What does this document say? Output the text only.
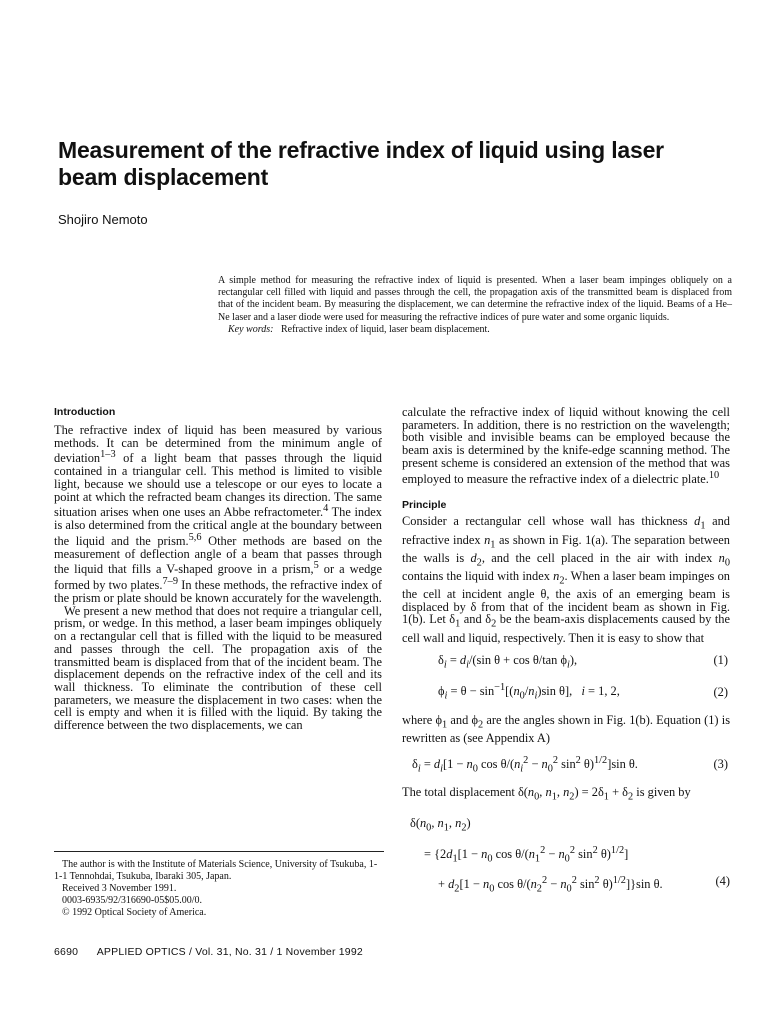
Measurement of the refractive index of liquid using laser beam displacement
Shojiro Nemoto

A simple method for measuring the refractive index of liquid is presented. When a laser beam impinges obliquely on a rectangular cell filled with liquid and passes through the cell, the propagation axis of the transmitted beam is displaced from that of the incident beam. By measuring the displacement, we can determine the refractive index of the liquid. Beams of a He–Ne laser and a laser diode were used for measuring the refractive indices of pure water and some organic liquids.

Key words: Refractive index of liquid, laser beam displacement.

Introduction

The refractive index of liquid has been measured by various methods. It can be determined from the minimum angle of deviation$^{1-3}$ of a light beam that passes through the liquid contained in a triangular cell. This method is limited to visible light, because we should use a telescope or our eyes to locate a point at which the refracted beam changes its direction. The same situation arises when one uses an Abbe refractometer.$^4$ The index is also determined from the critical angle at the boundary between the liquid and the prism.$^{5,6}$ Other methods are based on the measurement of deflection angle of a beam that passes through the liquid that fills a V-shaped groove in a prism,$^5$ or a wedge formed by two plates.$^{7-9}$ In these methods, the refractive index of the prism or plate should be known accurately for the wavelength.

We present a new method that does not require a triangular cell, prism, or wedge. In this method, a laser beam impinges obliquely on a rectangular cell that is filled with the liquid to be measured and passes through the cell. The propagation axis of the transmitted beam is displaced from that of the incident beam. The displacement depends on the refractive index of the cell and its wall thickness. To eliminate the contribution of these cell parameters, we measure the displacement in two cases: when the cell is empty and when it is filled with the liquid. By taking the difference between the two displacements, we can

calculate the refractive index of liquid without knowing the cell parameters. In addition, there is no restriction on the wavelength; both visible and invisible beams can be employed because the beam axis is determined by the knife-edge scanning method. The present scheme is considered an extension of the method that was employed to measure the refractive index of a dielectric plate.$^{10}$

Principle

Consider a rectangular cell whose wall has thickness $d_1$ and refractive index $n_1$ as shown in Fig. 1(a). The separation between the walls is $d_2$, and the cell placed in the air with index $n_0$ contains the liquid with index $n_2$. When a laser beam impinges on the cell at incident angle θ, the axis of an emerging beam is displaced by δ from that of the incident beam as shown in Fig. 1(b). Let $\delta_1$ and $\delta_2$ be the beam-axis displacements caused by the cell wall and liquid, respectively. Then it is easy to show that

$\delta_i = d_i/(\sin$ θ + cos θ/tan $\phi_i$),	(1)
$\phi_i = \theta - \sin^{-1}[(n_0/n_i)\sin$ θ],   i = 1, 2,	(2)

where $\phi_1$ and $\phi_2$ are the angles shown in Fig. 1(b). Equation (1) is rewritten as (see Appendix A)

$\delta_i = d_i[1 - n_0$ $\cos \theta/(n_i^2 - n_0^2$ $\sin^2 \theta)^{1/2}]\sin$ θ.	(3)

The total displacement $\delta(n_0$, $n_1$, $n_2) = 2\delta_1 + \delta_2$ is given by

$\delta(n_0$, $n_1$, $n_2$)
= {$2d_1[1 - n_0$ $\cos \theta/(n_1^2 - n_0^2$ $\sin^2 \theta)^{1/2}$]
+ $d_2[1 - n_0$ $\cos \theta/(n_2^2 - n_0^2$ $\sin^2 \theta)^{1/2}]\}\sin$ θ.	(4)

The author is with the Institute of Materials Science, University of Tsukuba, 1-1-1 Tennohdai, Tsukuba, Ibaraki 305, Japan.

Received 3 November 1991.

0003-6935/92/316690-05$05.00/0.

© 1992 Optical Society of America.

6690 APPLIED OPTICS / Vol. 31, No. 31 / 1 November 1992
